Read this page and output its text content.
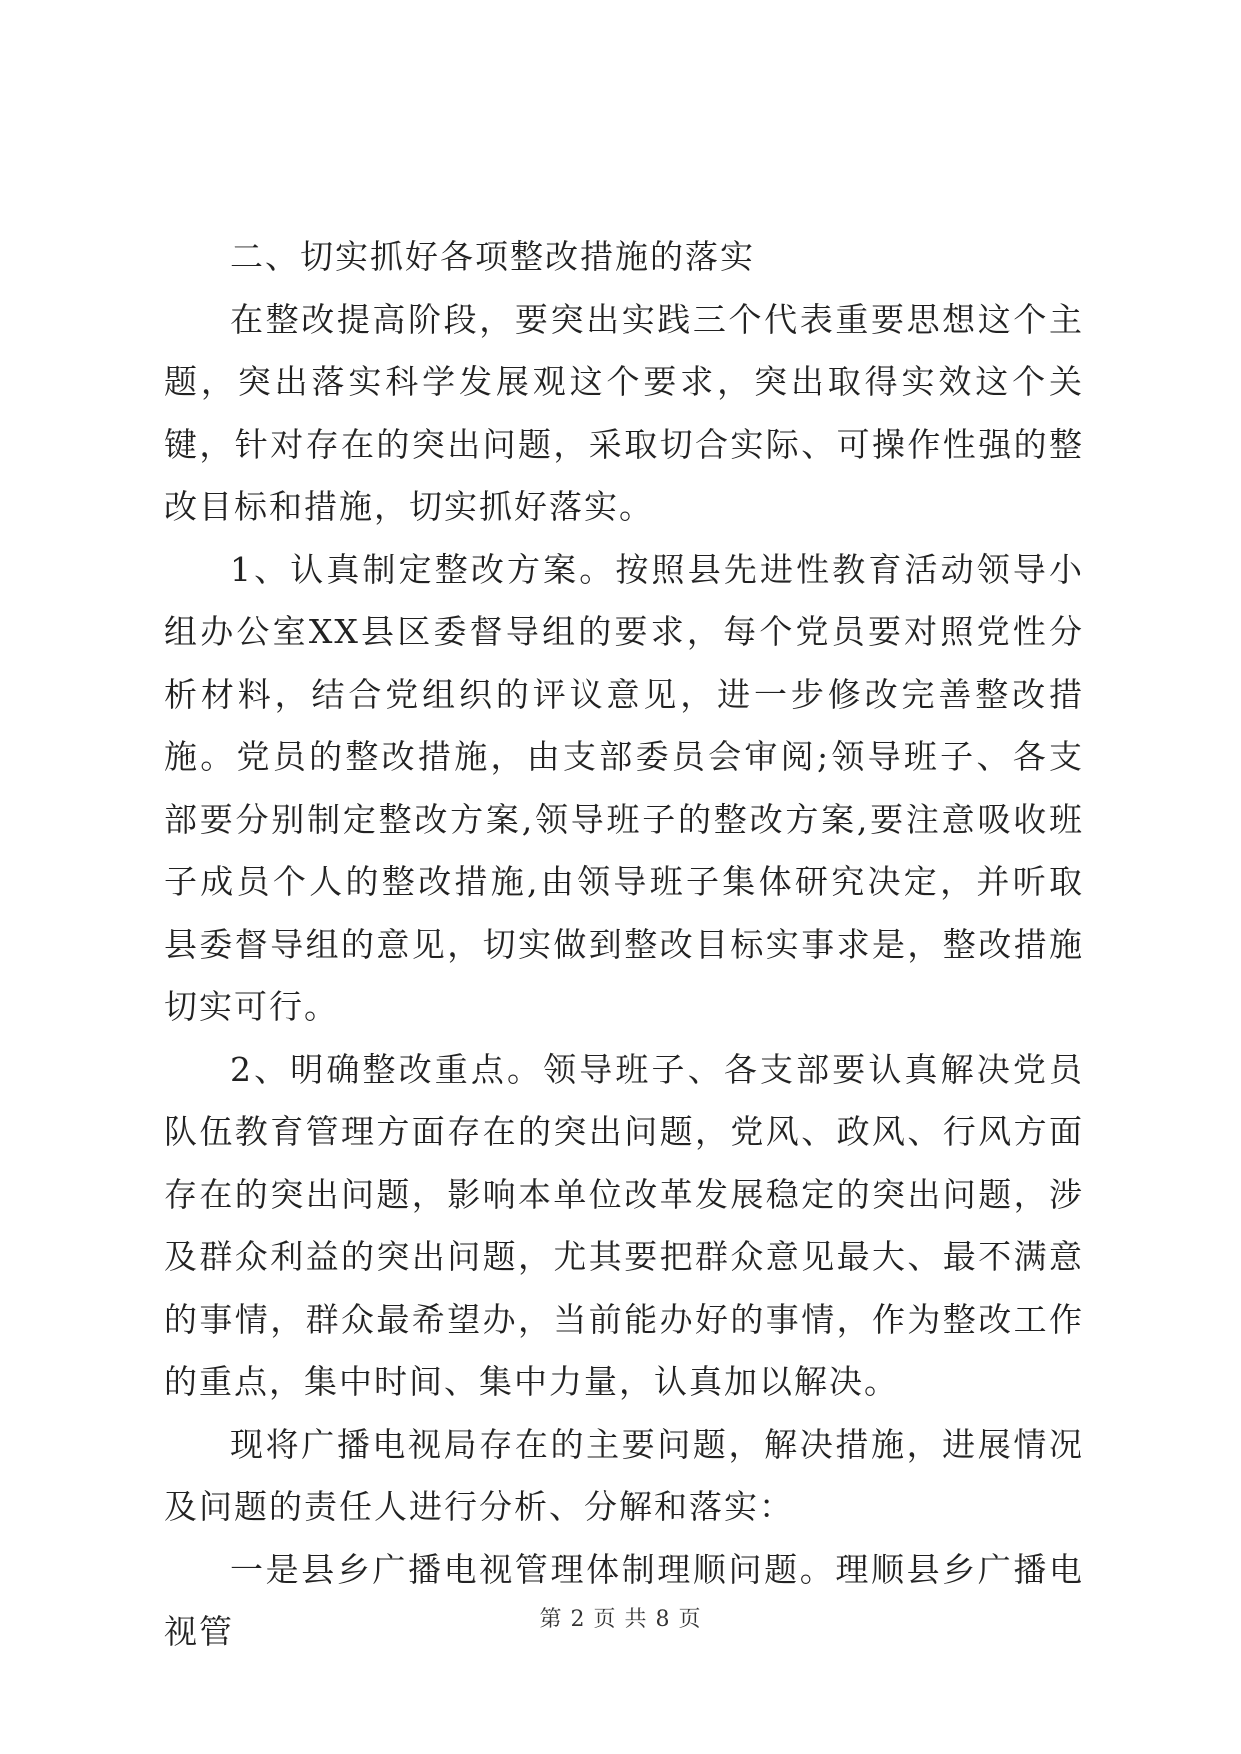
二、切实抓好各项整改措施的落实

在整改提高阶段，要突出实践三个代表重要思想这个主题，突出落实科学发展观这个要求，突出取得实效这个关键，针对存在的突出问题，采取切合实际、可操作性强的整改目标和措施，切实抓好落实。

1、认真制定整改方案。按照县先进性教育活动领导小组办公室XX县区委督导组的要求，每个党员要对照党性分析材料，结合党组织的评议意见，进一步修改完善整改措施。党员的整改措施，由支部委员会审阅;领导班子、各支部要分别制定整改方案,领导班子的整改方案,要注意吸收班子成员个人的整改措施,由领导班子集体研究决定，并听取县委督导组的意见，切实做到整改目标实事求是，整改措施切实可行。

2、明确整改重点。领导班子、各支部要认真解决党员队伍教育管理方面存在的突出问题，党风、政风、行风方面存在的突出问题，影响本单位改革发展稳定的突出问题，涉及群众利益的突出问题，尤其要把群众意见最大、最不满意的事情，群众最希望办，当前能办好的事情，作为整改工作的重点，集中时间、集中力量，认真加以解决。

现将广播电视局存在的主要问题，解决措施，进展情况及问题的责任人进行分析、分解和落实：

一是县乡广播电视管理体制理顺问题。理顺县乡广播电视管	第 2 页 共 8 页
